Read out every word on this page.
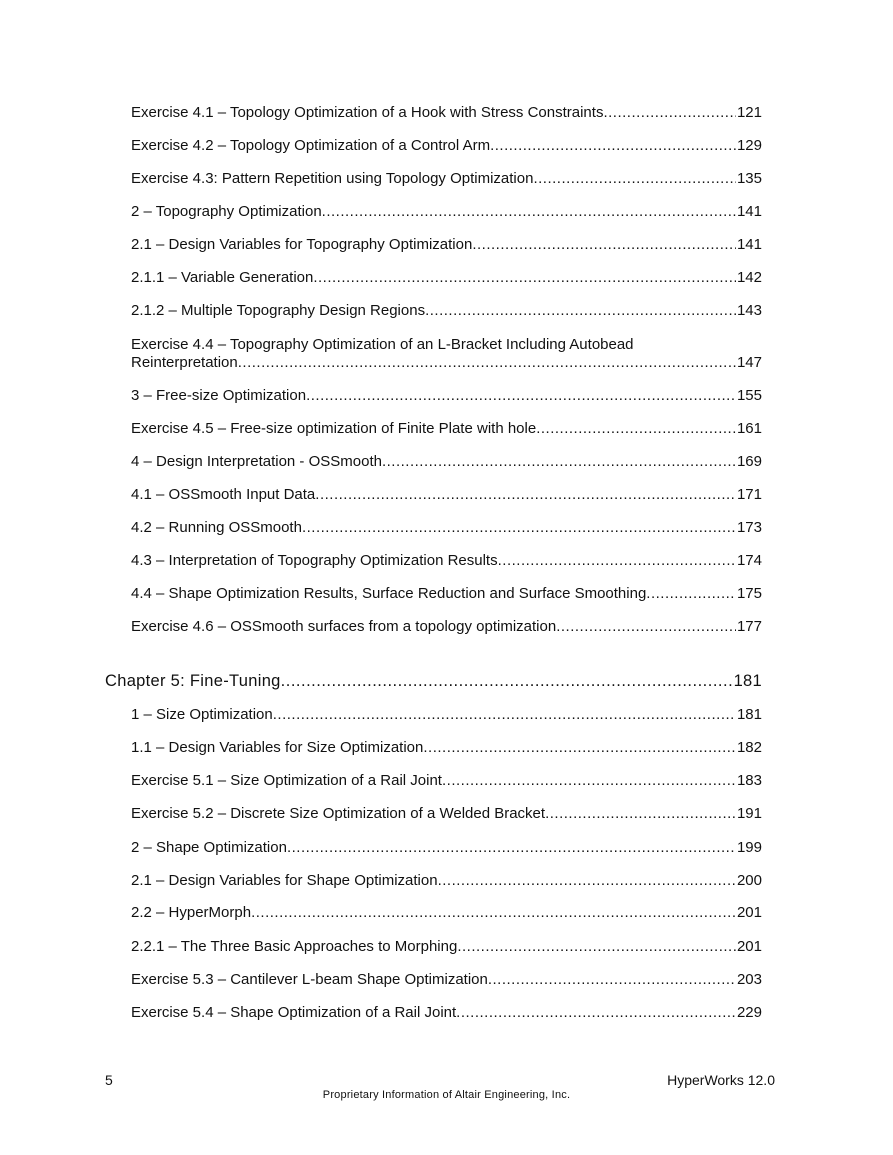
Exercise 4.1 – Topology Optimization of a Hook with Stress Constraints .....	121
Exercise 4.2 – Topology Optimization of a Control Arm .....	129
Exercise 4.3: Pattern Repetition using Topology Optimization .....	135
2 – Topography Optimization .....	141
2.1 – Design Variables for Topography Optimization .....	141
2.1.1 – Variable Generation .....	142
2.1.2 – Multiple Topography Design Regions .....	143
Exercise 4.4 – Topography Optimization of an L-Bracket Including Autobead
Reinterpretation .....	147
3 – Free-size Optimization .....	155
Exercise 4.5 – Free-size optimization of Finite Plate with hole .....	161
4 – Design Interpretation - OSSmooth .....	169
4.1 – OSSmooth Input Data .....	171
4.2 – Running OSSmooth .....	173
4.3 – Interpretation of Topography Optimization Results .....	174
4.4 – Shape Optimization Results, Surface Reduction and Surface Smoothing .....	175
Exercise 4.6 – OSSmooth surfaces from a topology optimization .....	177
Chapter 5: Fine-Tuning .....	181
1 – Size Optimization .....	181
1.1 – Design Variables for Size Optimization .....	182
Exercise 5.1 – Size Optimization of a Rail Joint .....	183
Exercise 5.2 – Discrete Size Optimization of a Welded Bracket .....	191
2 – Shape Optimization .....	199
2.1 – Design Variables for Shape Optimization .....	200
2.2 – HyperMorph .....	201
2.2.1 – The Three Basic Approaches to Morphing .....	201
Exercise 5.3 – Cantilever L-beam Shape Optimization .....	203
Exercise 5.4 – Shape Optimization of a Rail Joint .....	229
5	HyperWorks 12.0
Proprietary Information of Altair Engineering, Inc.
